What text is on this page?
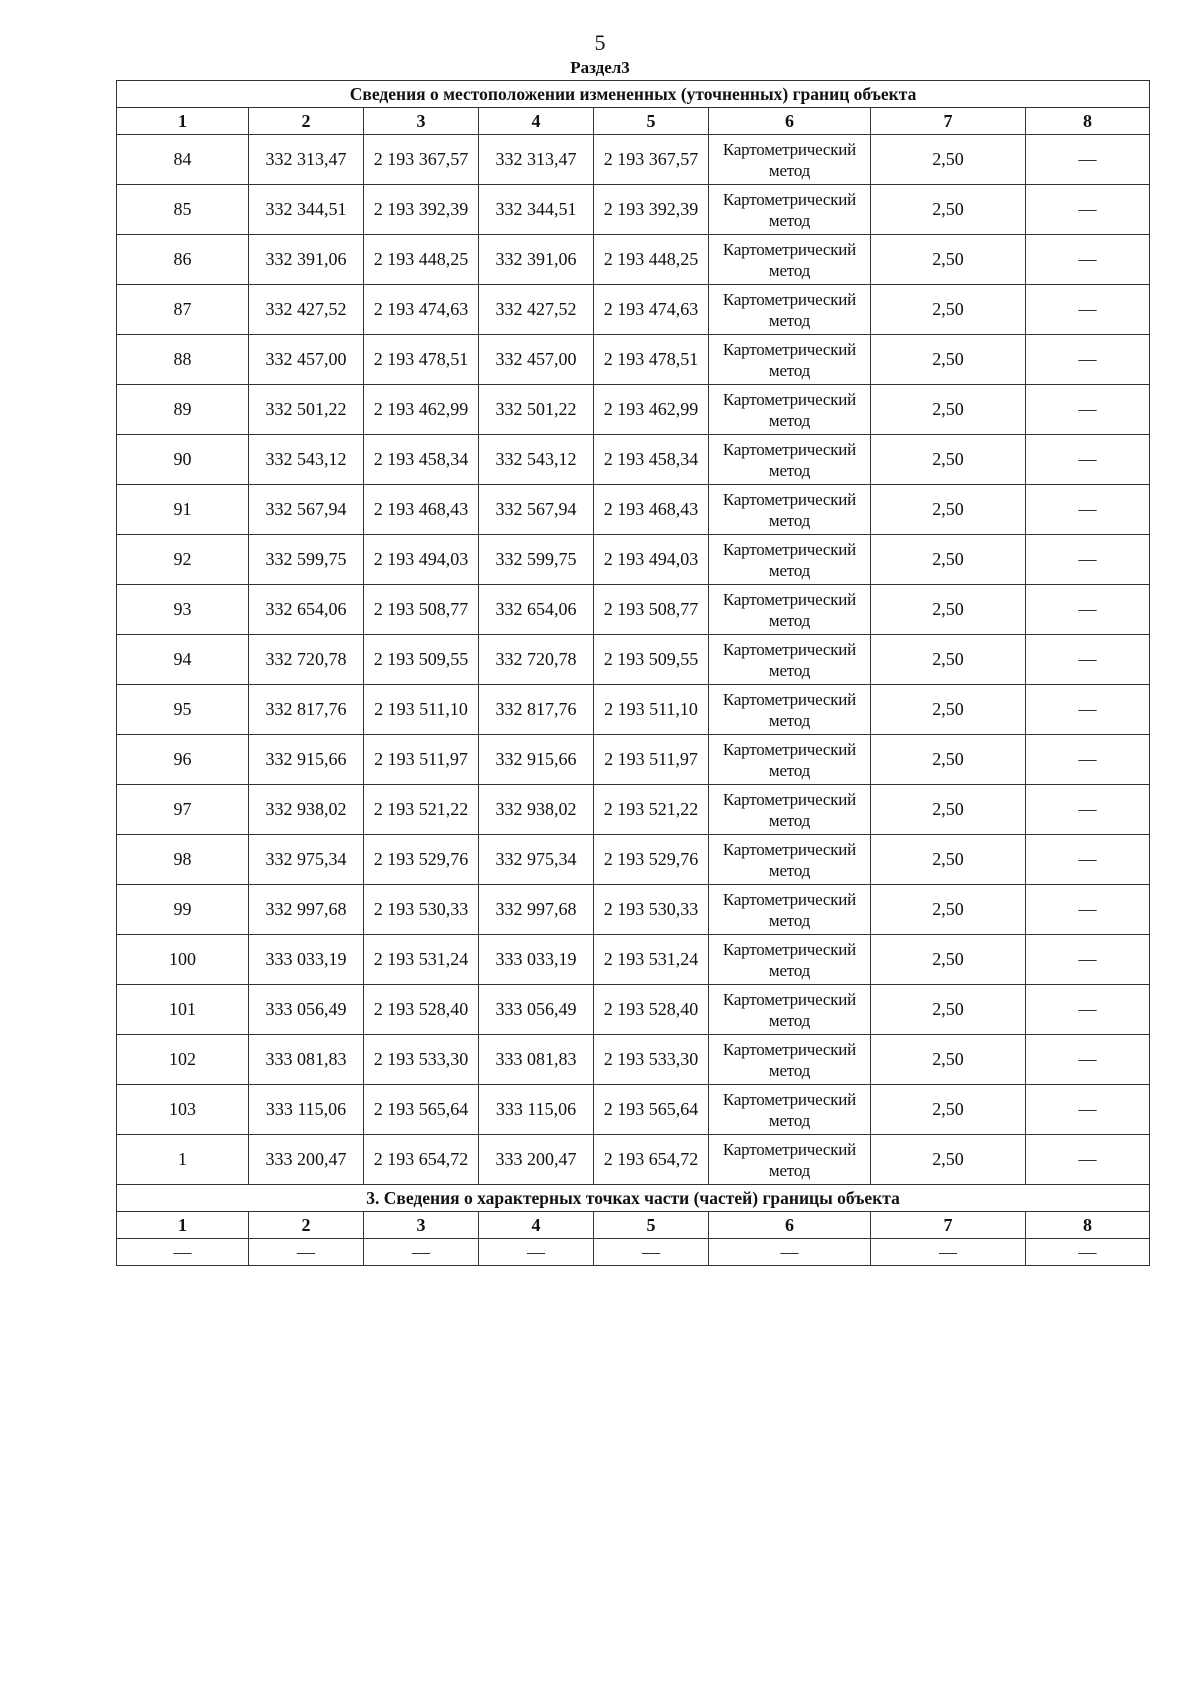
5
Раздел3
Сведения о местоположении измененных (уточненных) границ объекта							
1	2	3	4	5	6	7	8
84	332 313,47	2 193 367,57	332 313,47	2 193 367,57	Картометрический метод	2,50	—
85	332 344,51	2 193 392,39	332 344,51	2 193 392,39	Картометрический метод	2,50	—
86	332 391,06	2 193 448,25	332 391,06	2 193 448,25	Картометрический метод	2,50	—
87	332 427,52	2 193 474,63	332 427,52	2 193 474,63	Картометрический метод	2,50	—
88	332 457,00	2 193 478,51	332 457,00	2 193 478,51	Картометрический метод	2,50	—
89	332 501,22	2 193 462,99	332 501,22	2 193 462,99	Картометрический метод	2,50	—
90	332 543,12	2 193 458,34	332 543,12	2 193 458,34	Картометрический метод	2,50	—
91	332 567,94	2 193 468,43	332 567,94	2 193 468,43	Картометрический метод	2,50	—
92	332 599,75	2 193 494,03	332 599,75	2 193 494,03	Картометрический метод	2,50	—
93	332 654,06	2 193 508,77	332 654,06	2 193 508,77	Картометрический метод	2,50	—
94	332 720,78	2 193 509,55	332 720,78	2 193 509,55	Картометрический метод	2,50	—
95	332 817,76	2 193 511,10	332 817,76	2 193 511,10	Картометрический метод	2,50	—
96	332 915,66	2 193 511,97	332 915,66	2 193 511,97	Картометрический метод	2,50	—
97	332 938,02	2 193 521,22	332 938,02	2 193 521,22	Картометрический метод	2,50	—
98	332 975,34	2 193 529,76	332 975,34	2 193 529,76	Картометрический метод	2,50	—
99	332 997,68	2 193 530,33	332 997,68	2 193 530,33	Картометрический метод	2,50	—
100	333 033,19	2 193 531,24	333 033,19	2 193 531,24	Картометрический метод	2,50	—
101	333 056,49	2 193 528,40	333 056,49	2 193 528,40	Картометрический метод	2,50	—
102	333 081,83	2 193 533,30	333 081,83	2 193 533,30	Картометрический метод	2,50	—
103	333 115,06	2 193 565,64	333 115,06	2 193 565,64	Картометрический метод	2,50	—
1	333 200,47	2 193 654,72	333 200,47	2 193 654,72	Картометрический метод	2,50	—
3. Сведения о характерных точках части (частей) границы объекта							
1	2	3	4	5	6	7	8
—	—	—	—	—	—	—	—
